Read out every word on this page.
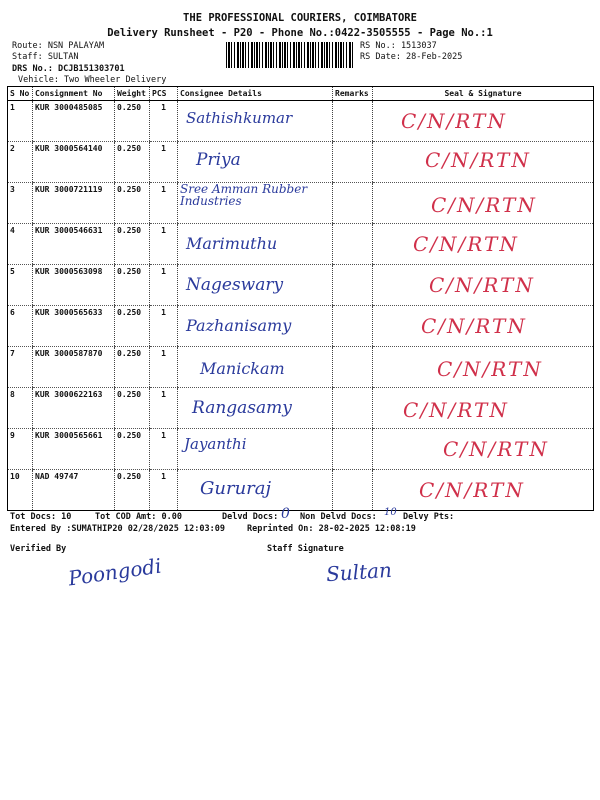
THE PROFESSIONAL COURIERS, COIMBATORE
Delivery Runsheet - P20 - Phone No.:0422-3505555 - Page No.:1
Route: NSN PALAYAM
Staff: SULTAN
DRS No.: DCJB151303701
Vehicle: Two Wheeler Delivery
RS No.: 1513037
RS Date: 28-Feb-2025
S No	Consignment No	Weight	PCS	Consignee Details	Remarks	Seal & Signature
1	KUR 3000485085	0.250	1	Sathishkumar		C/N/RTN

2	KUR 3000564140	0.250	1	Priya		C/N/RTN

3	KUR 3000721119	0.250	1	Sree Amman Rubber Industries		C/N/RTN

4	KUR 3000546631	0.250	1	Marimuthu		C/N/RTN

5	KUR 3000563098	0.250	1	Nageswary		C/N/RTN

6	KUR 3000565633	0.250	1	Pazhanisamy		C/N/RTN

7	KUR 3000587870	0.250	1	Manickam		C/N/RTN

8	KUR 3000622163	0.250	1	Rangasamy		C/N/RTN

9	KUR 3000565661	0.250	1	Jayanthi		C/N/RTN

10	NAD 49747	0.250	1	Gururaj		C/N/RTN
Tot Docs: 10	Tot COD Amt: 0.00	Delvd Docs: 0 Non Delvd Docs: 10 Delvy Pts:
Entered By :SUMATHIP20 02/28/2025 12:03:09	Reprinted On: 28-02-2025 12:08:19
Verified By	Staff Signature
Poongodi	Sultan
